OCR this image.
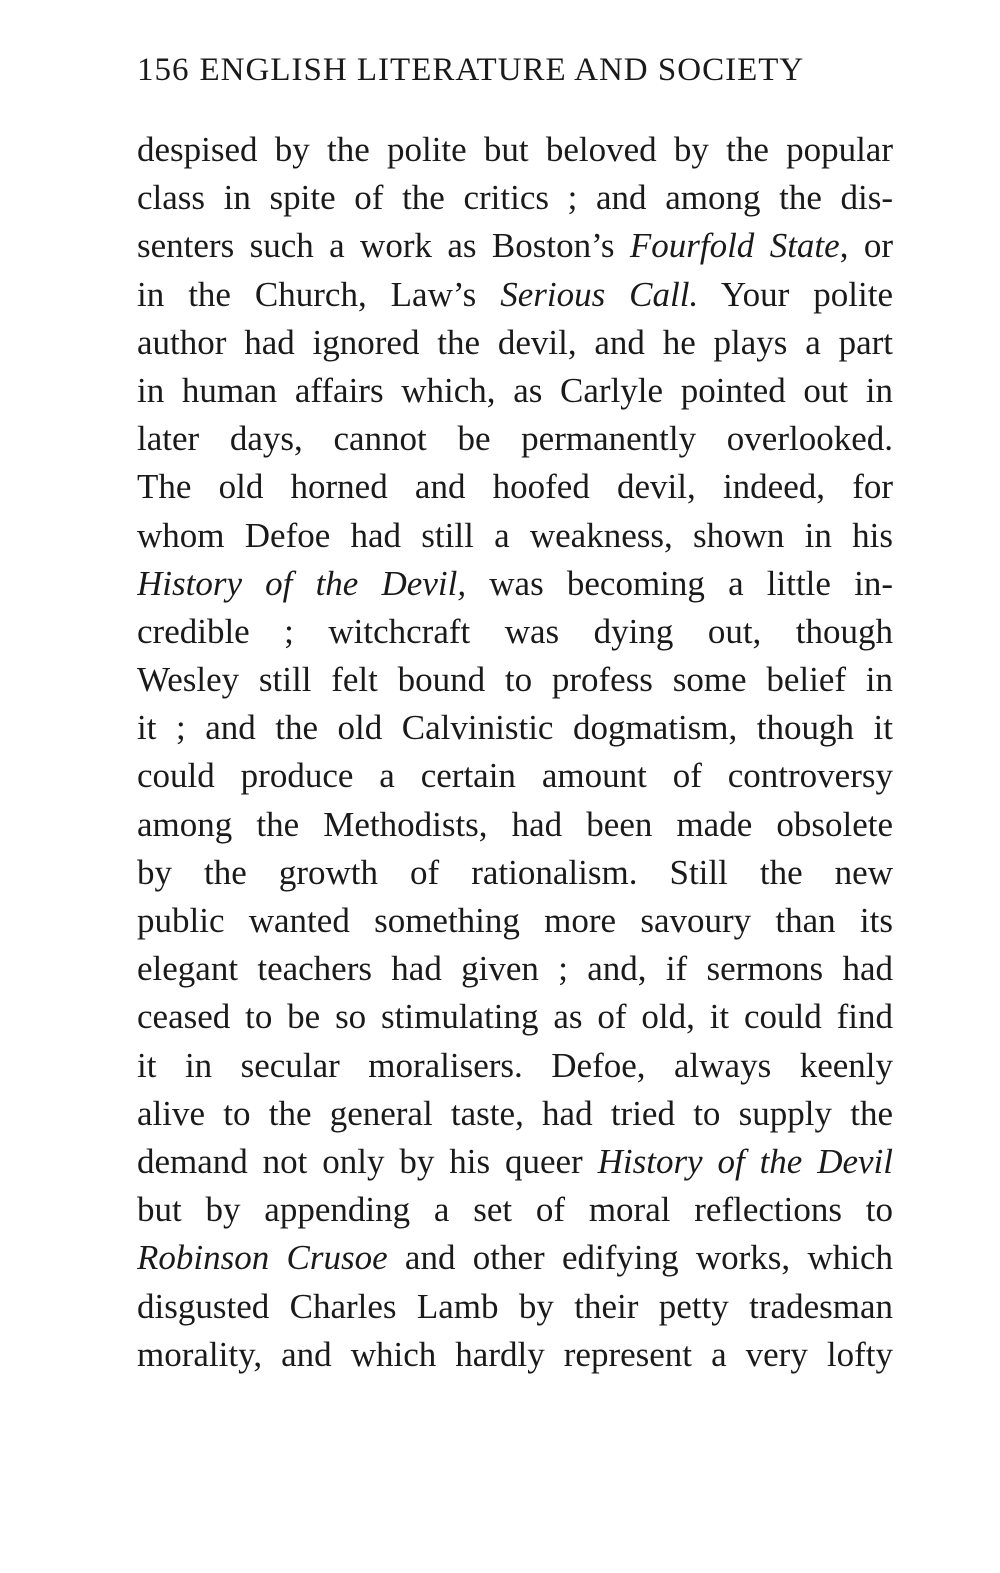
156 ENGLISH LITERATURE AND SOCIETY
despised by the polite but beloved by the popular
class in spite of the critics ; and among the dis-
senters such a work as Boston’s Fourfold State, or
in the Church, Law’s Serious Call. Your polite
author had ignored the devil, and he plays a part
in human affairs which, as Carlyle pointed out in
later days, cannot be permanently overlooked.
The old horned and hoofed devil, indeed, for
whom Defoe had still a weakness, shown in his
History of the Devil, was becoming a little in-
credible ; witchcraft was dying out, though
Wesley still felt bound to profess some belief in
it ; and the old Calvinistic dogmatism, though it
could produce a certain amount of controversy
among the Methodists, had been made obsolete
by the growth of rationalism. Still the new
public wanted something more savoury than its
elegant teachers had given ; and, if sermons had
ceased to be so stimulating as of old, it could find
it in secular moralisers. Defoe, always keenly
alive to the general taste, had tried to supply the
demand not only by his queer History of the Devil
but by appending a set of moral reflections to
Robinson Crusoe and other edifying works, which
disgusted Charles Lamb by their petty tradesman
morality, and which hardly represent a very lofty
